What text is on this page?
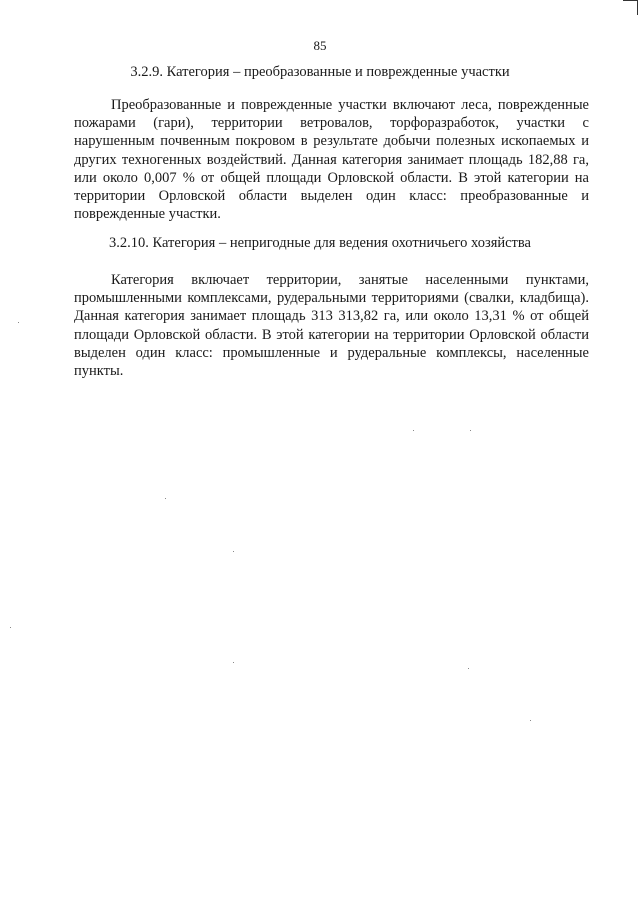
85
3.2.9. Категория – преобразованные и поврежденные участки

Преобразованные и поврежденные участки включают леса, поврежденные пожарами (гари), территории ветровалов, торфоразработок, участки с нарушенным почвенным покровом в результате добычи полезных ископаемых и других техногенных воздействий. Данная категория занимает площадь 182,88 га, или около 0,007 % от общей площади Орловской области. В этой категории на территории Орловской области выделен один класс: преобразованные и поврежденные участки.

3.2.10. Категория – непригодные для ведения охотничьего хозяйства

Категория включает территории, занятые населенными пунктами, промышленными комплексами, рудеральными территориями (свалки, кладбища). Данная категория занимает площадь 313 313,82 га, или около 13,31 % от общей площади Орловской области. В этой категории на территории Орловской области выделен один класс: промышленные и рудеральные комплексы, населенные пункты.
